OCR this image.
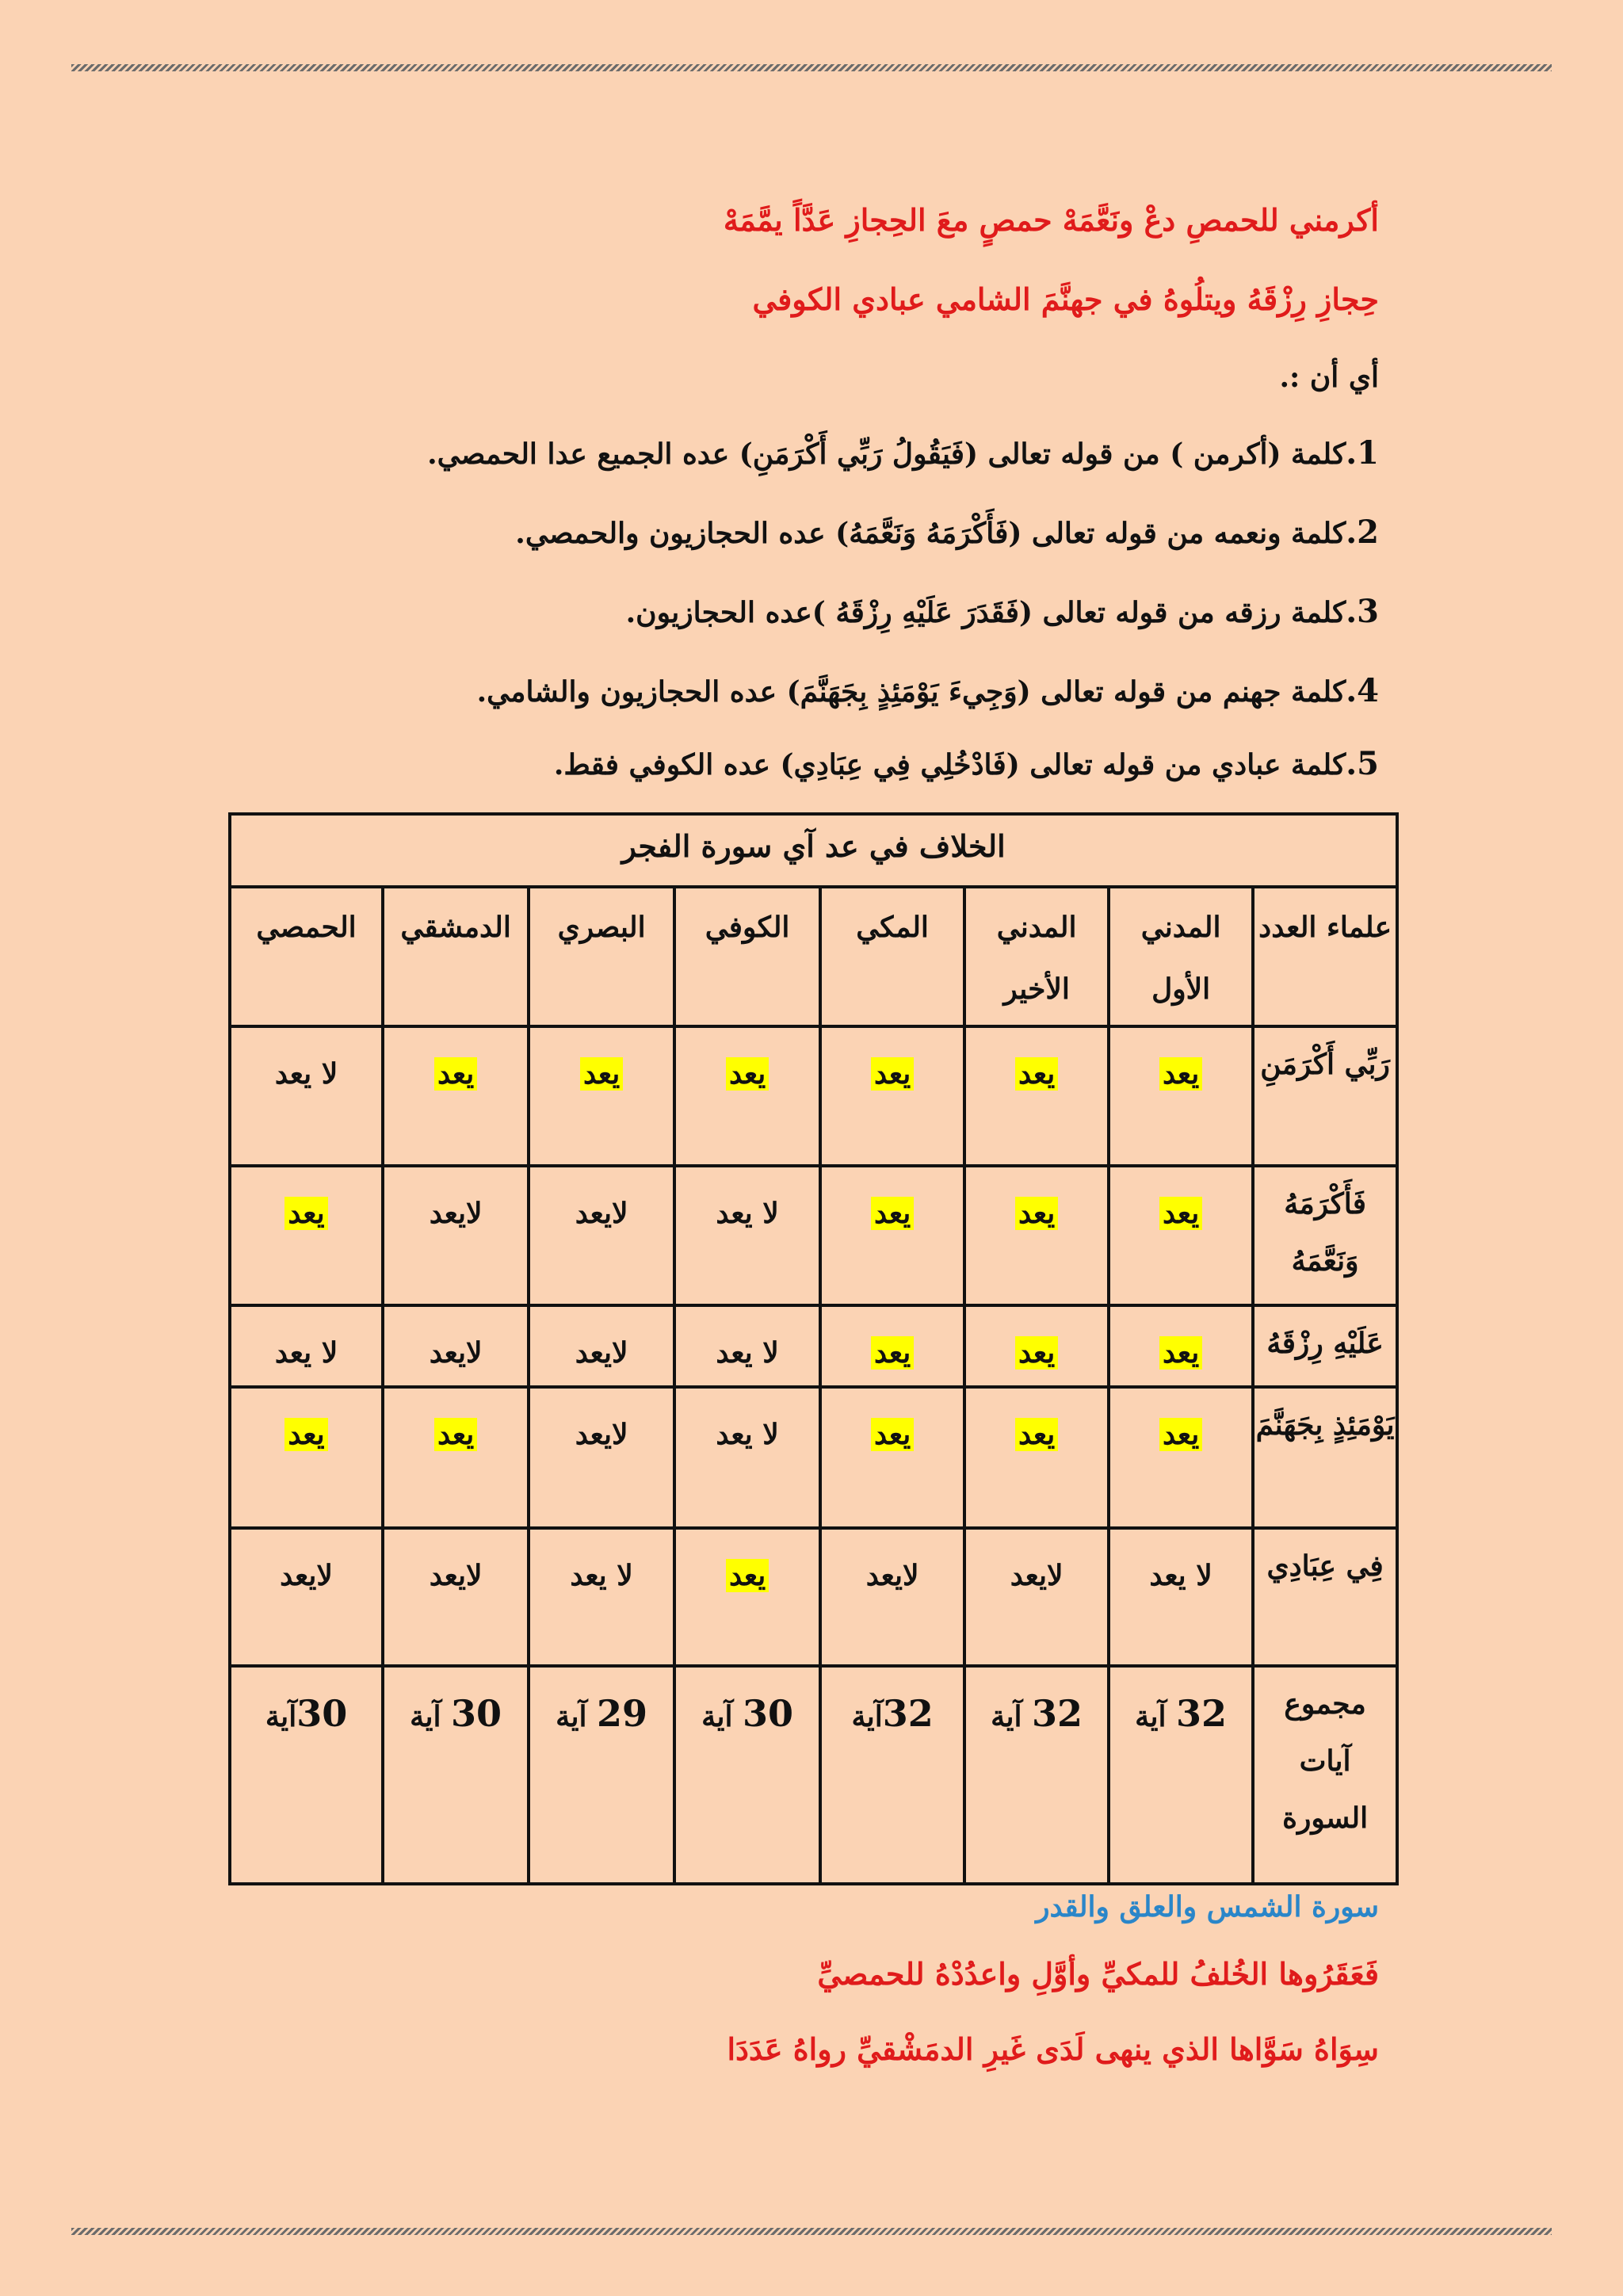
أكرمني للحمصِ دعْ ونَعَّمَهْ حمصٍ معَ الحِجازِ عَدَّاً يمَّمَهْ
حِجازِ رِزْقَهُ ويتلُوهُ في جهنَّمَ الشامي عبادي الكوفي
أي أن :.
1.كلمة (أكرمن ) من قوله تعالى (فَيَقُولُ رَبِّي أَكْرَمَنِ) عده الجميع عدا الحمصي.
2.كلمة ونعمه من قوله تعالى (فَأَكْرَمَهُ وَنَعَّمَهُ) عده الحجازيون والحمصي.
3.كلمة رزقه من قوله تعالى (فَقَدَرَ عَلَيْهِ رِزْقَهُ )عده الحجازيون.
4.كلمة جهنم من قوله تعالى (وَجِيءَ يَوْمَئِذٍ بِجَهَنَّمَ) عده الحجازيون والشامي.
5.كلمة عبادي من قوله تعالى (فَادْخُلِي فِي عِبَادِي) عده الكوفي فقط.
الخلاف في عد آي سورة الفجر							
علماء العدد	المدني الأول	المدني الأخير	المكي	الكوفي	البصري	الدمشقي	الحمصي
رَبِّي أَكْرَمَنِ	يعد	يعد	يعد	يعد	يعد	يعد	لا يعد
فَأَكْرَمَهُ وَنَعَّمَهُ	يعد	يعد	يعد	لا يعد	لايعد	لايعد	يعد
عَلَيْهِ رِزْقَهُ	يعد	يعد	يعد	لا يعد	لايعد	لايعد	لا يعد
يَوْمَئِذٍ بِجَهَنَّمَ	يعد	يعد	يعد	لا يعد	لايعد	يعد	يعد
فِي عِبَادِي	لا يعد	لايعد	لايعد	يعد	لا يعد	لايعد	لايعد
مجموع آيات السورة	32 آية	32 آية	32آية	30 آية	29 آية	30 آية	30آية
سورة الشمس والعلق والقدر
فَعَقَرُوها الخُلفُ للمكيِّ وأوَّلِ واعدُدْهُ للحمصيِّ
سِوَاهُ سَوَّاها الذي ينهى لَدَى غَيرِ الدمَشْقيِّ رواهُ عَدَدَا
